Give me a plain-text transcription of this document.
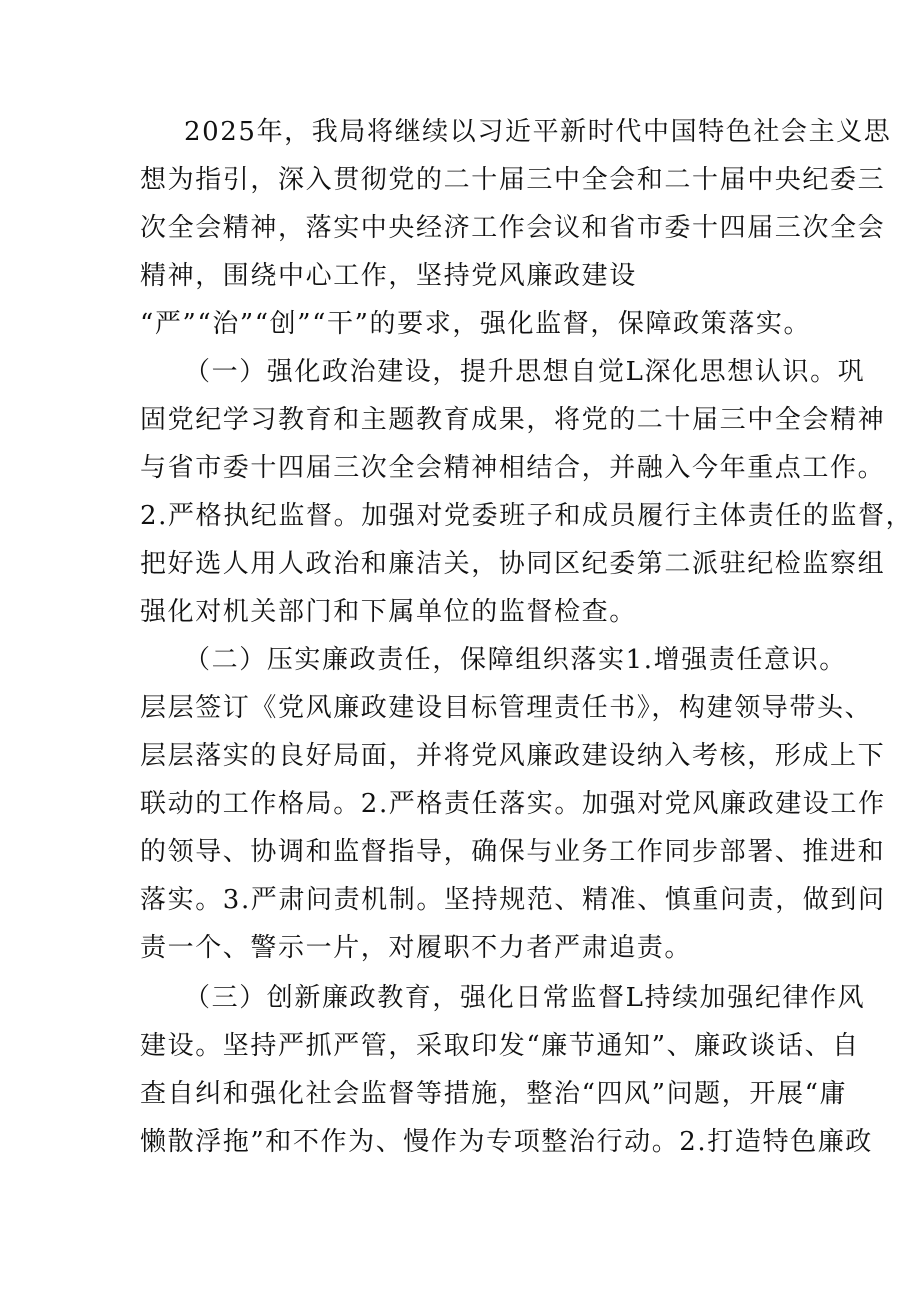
2025年，我局将继续以习近平新时代中国特色社会主义思
想为指引，深入贯彻党的二十届三中全会和二十届中央纪委三
次全会精神，落实中央经济工作会议和省市委十四届三次全会
精神，围绕中心工作，坚持党风廉政建设
“严”“治”“创”“干”的要求，强化监督，保障政策落实。
（一）强化政治建设，提升思想自觉L深化思想认识。巩
固党纪学习教育和主题教育成果，将党的二十届三中全会精神
与省市委十四届三次全会精神相结合，并融入今年重点工作。
2.严格执纪监督。加强对党委班子和成员履行主体责任的监督，
把好选人用人政治和廉洁关，协同区纪委第二派驻纪检监察组
强化对机关部门和下属单位的监督检查。
（二）压实廉政责任，保障组织落实1.增强责任意识。
层层签订《党风廉政建设目标管理责任书》，构建领导带头、
层层落实的良好局面，并将党风廉政建设纳入考核，形成上下
联动的工作格局。2.严格责任落实。加强对党风廉政建设工作
的领导、协调和监督指导，确保与业务工作同步部署、推进和
落实。3.严肃问责机制。坚持规范、精准、慎重问责，做到问
责一个、警示一片，对履职不力者严肃追责。
（三）创新廉政教育，强化日常监督L持续加强纪律作风
建设。坚持严抓严管，采取印发“廉节通知”、廉政谈话、自
查自纠和强化社会监督等措施，整治“四风”问题，开展“庸
懒散浮拖”和不作为、慢作为专项整治行动。2.打造特色廉政
